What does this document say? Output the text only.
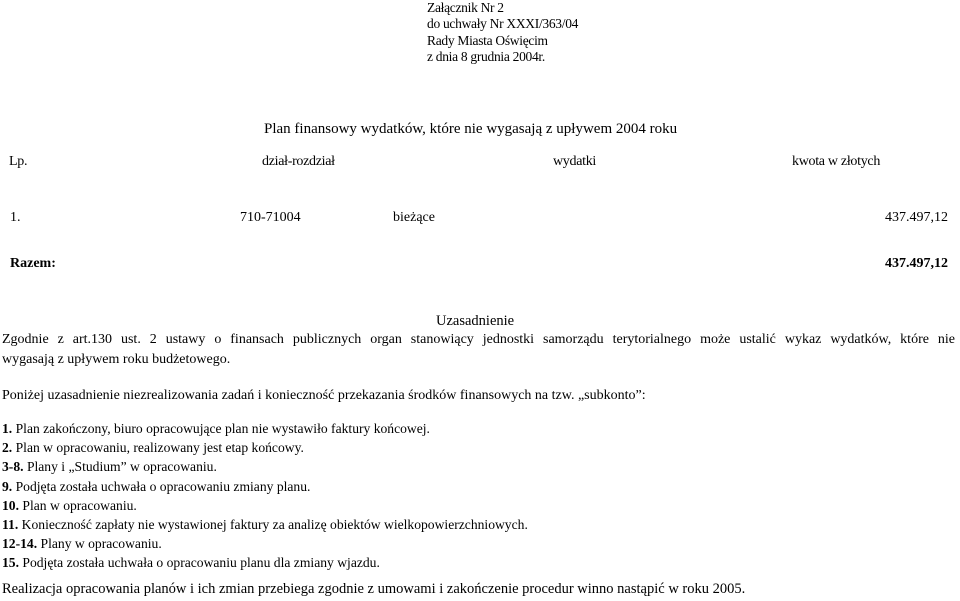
Załącznik Nr 2
do uchwały Nr XXXI/363/04
Rady Miasta Oświęcim
z dnia 8 grudnia 2004r.
Plan finansowy wydatków, które nie wygasają z upływem 2004 roku
Lp.	dział-rozdział	wydatki	kwota w złotych
1.	710-71004	bieżące	437.497,12
Razem:	437.497,12
Uzasadnienie
Zgodnie z art.130 ust. 2 ustawy o finansach publicznych organ stanowiący jednostki samorządu terytorialnego może ustalić wykaz wydatków, które nie
wygasają z upływem roku budżetowego.
Poniżej uzasadnienie niezrealizowania zadań i konieczność przekazania środków finansowych na tzw. „subkonto”:
1. Plan zakończony, biuro opracowujące plan nie wystawiło faktury końcowej.
2. Plan w opracowaniu, realizowany jest etap końcowy.
3-8. Plany i „Studium” w opracowaniu.
9. Podjęta została uchwała o opracowaniu zmiany planu.
10. Plan w opracowaniu.
11. Konieczność zapłaty nie wystawionej faktury za analizę obiektów wielkopowierzchniowych.
12-14. Plany w opracowaniu.
15. Podjęta została uchwała o opracowaniu planu dla zmiany wjazdu.
Realizacja opracowania planów i ich zmian przebiega zgodnie z umowami i zakończenie procedur winno nastąpić w roku 2005.
